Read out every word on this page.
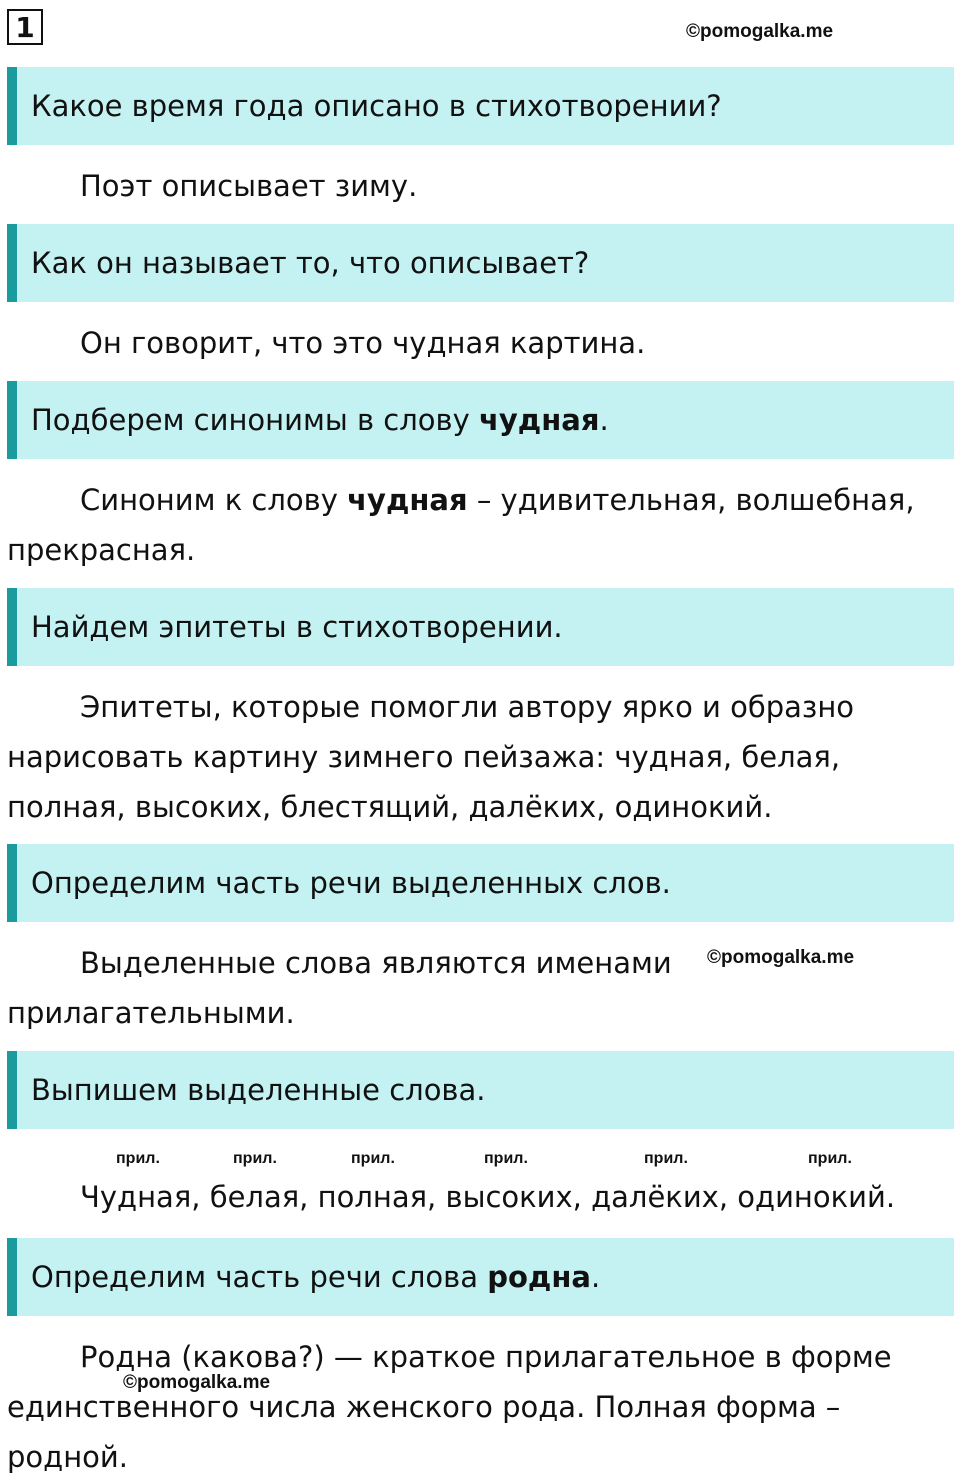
1	©pomogalka.me
Какое время года описано в стихотворении?

Поэт описывает зиму.

Как он называет то, что описывает?

Он говорит, что это чудная картина.

Подберем синонимы в слову чудная.

Синоним к слову чудная – удивительная, волшебная, прекрасная.

Найдем эпитеты в стихотворении.

Эпитеты, которые помогли автору ярко и образно нарисовать картину зимнего пейзажа: чудная, белая, полная, высоких, блестящий, далёких, одинокий.

Определим часть речи выделенных слов.

Выделенные слова являются именами прилагательными.

©pomogalka.me
Выпишем выделенные слова.
прил.	прил.	прил.	прил.	прил.	прил.

Чудная, белая, полная, высоких, далёких, одинокий.

Определим часть речи слова родна.

Родна (какова?) — краткое прилагательное в форме единственного числа женского рода. Полная форма – родной.

©pomogalka.me
